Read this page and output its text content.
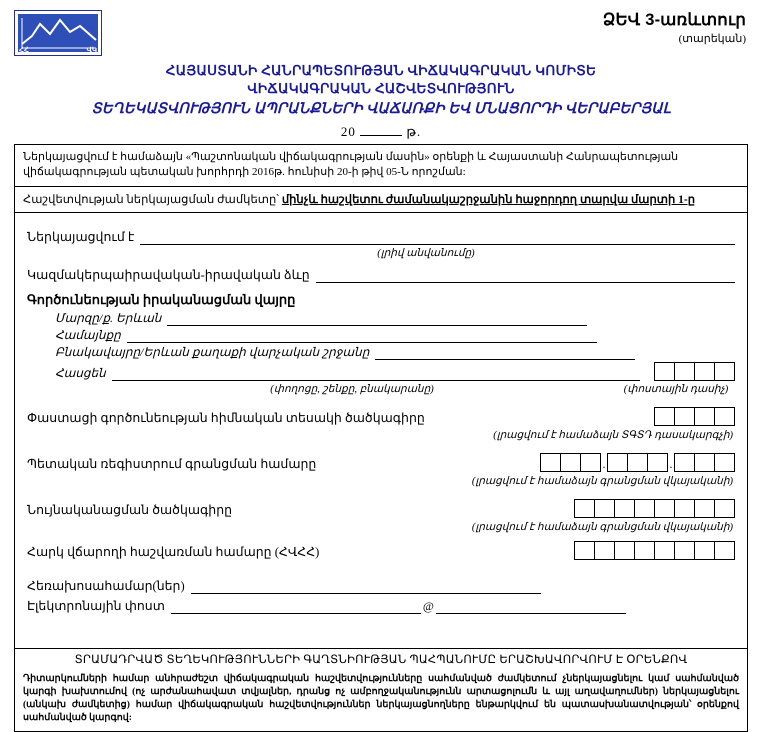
ՀՀ	ՎԿ
ՁԵՎ 3-առևտուր
(տարեկան)
ՀԱՅԱՍՏԱՆԻ ՀԱՆՐԱՊԵՏՈՒԹՅԱՆ ՎԻՃԱԿԱԳՐԱԿԱՆ ԿՈՄԻՏԵ
ՎԻՃԱԿԱԳՐԱԿԱՆ ՀԱՇՎԵՏՎՈՒԹՅՈՒՆ
ՏԵՂԵԿԱՏՎՈՒԹՅՈՒՆ ԱՊՐԱՆՔՆԵՐԻ ՎԱՃԱՌՔԻ ԵՎ ՄՆԱՑՈՐԴԻ ՎԵՐԱԲԵՐՅԱԼ
20	թ.
Ներկայացվում է համաձայն «Պաշտոնական վիճակագրության մասին» օրենքի և Հայաստանի Հանրապետության վիճակագրության պետական խորհրդի 2016թ. հունիսի 20-ի թիվ 05-Ն որոշման:
Հաշվետվության ներկայացման ժամկետը՝ մինչև հաշվետու ժամանակաշրջանին հաջորդող տարվա մարտի 1-ը
Ներկայացվում է
(լրիվ անվանումը)
Կազմակերպաիրավական-իրավական ձևը
Գործունեության իրականացման վայրը
Մարզը/ք. Երևան
Համայնքը
Բնակավայրը/Երևան քաղաքի վարչական շրջանը
Հասցեն
(փողոցը, շենքը, բնակարանը)	(փոստային դասիչ)
Փաստացի գործունեության հիմնական տեսակի ծածկագիրը
(լրացվում է համաձայն ՏԳՏԴ դասակարգչի)
Պետական ռեգիստրում գրանցման համարը	.	.
(լրացվում է համաձայն գրանցման վկայականի)
Նույնականացման ծածկագիրը
(լրացվում է համաձայն գրանցման վկայականի)
Հարկ վճարողի հաշվառման համարը (ՀՎՀՀ)
Հեռախոսահամար(ներ)
Էլեկտրոնային փոստ	@
ՏՐԱՄԱԴՐՎԱԾ ՏԵՂԵԿՈՒԹՅՈՒՆՆԵՐԻ ԳԱՂՏՆԻՈՒԹՅԱՆ ՊԱՀՊԱՆՈՒՄԸ ԵՐԱՇԽԱՎՈՐՎՈՒՄ Է ՕՐԵՆՔՈՎ
Դիտարկումների համար անհրաժեշտ վիճակագրական հաշվետվությունները սահմանված ժամկետում չներկայացնելու կամ սահմանված կարգի խախտումով (ոչ արժանահավատ տվյալներ, դրանց ոչ ամբողջականությունն արտացոլումն և այլ աղավաղումներ) ներկայացնելու (անկախ ժամկետից) համար վիճակագրական հաշվետվություններ ներկայացնողները ենթարկվում են պատասխանատվության՝ օրենքով սահմանված կարգով:
